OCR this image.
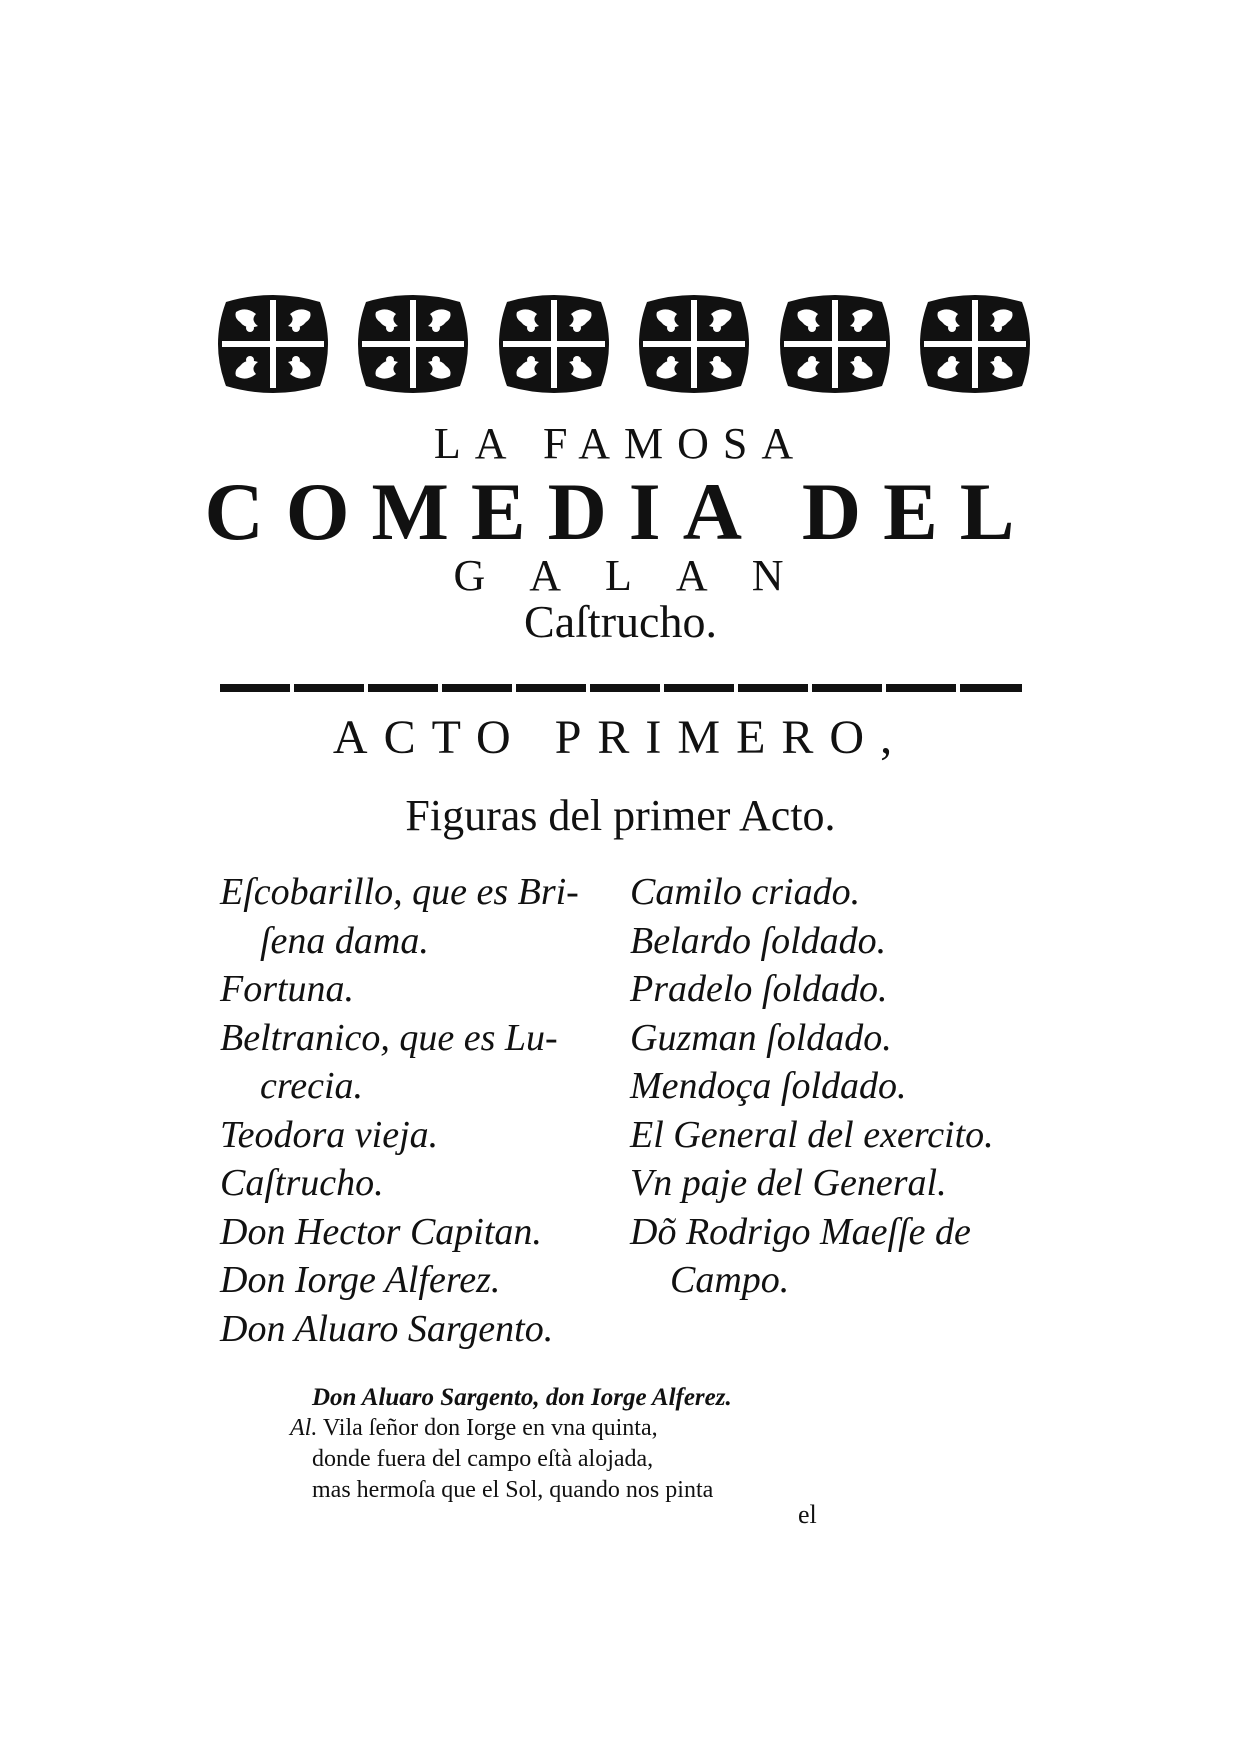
LA FAMOSA
COMEDIA DEL
GALAN
Caſtrucho.
ACTO PRIMERO,
Figuras del primer Acto.
Eſcobarillo, que es Bri-
ſena dama.
Fortuna.
Beltranico, que es Lu-
crecia.
Teodora vieja.
Caſtrucho.
Don Hector Capitan.
Don Iorge Alferez.
Don Aluaro Sargento.
Camilo criado.
Belardo ſoldado.
Pradelo ſoldado.
Guzman ſoldado.
Mendoça ſoldado.
El General del exercito.
Vn paje del General.
Dõ Rodrigo Maeſſe de
Campo.
Don Aluaro Sargento, don Iorge Alferez.
Al. Vila ſeñor don Iorge en vna quinta,
donde fuera del campo eſtà alojada,
mas hermoſa que el Sol, quando nos pinta
el
